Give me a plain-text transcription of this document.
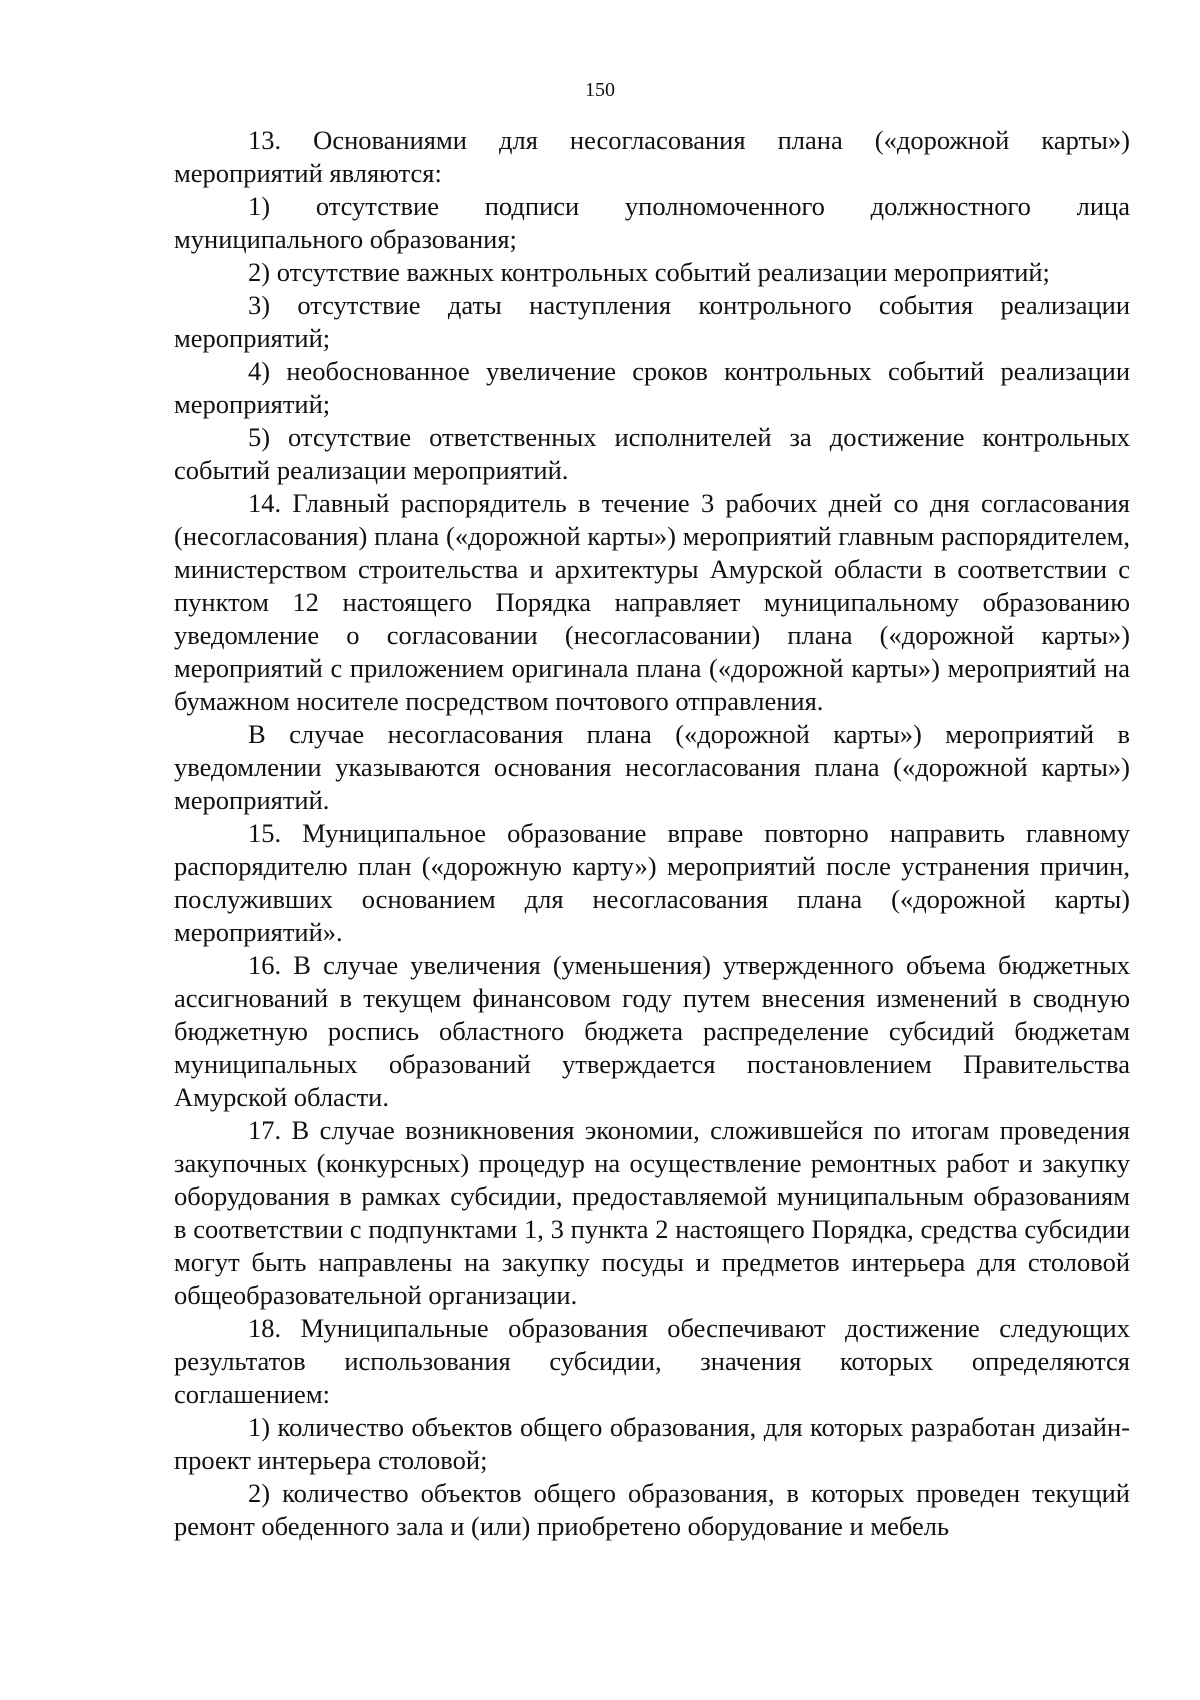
150

13. Основаниями для несогласования плана («дорожной карты») мероприятий являются:

1) отсутствие подписи уполномоченного должностного лица муниципального образования;

2) отсутствие важных контрольных событий реализации мероприятий;

3) отсутствие даты наступления контрольного события реализации мероприятий;

4) необоснованное увеличение сроков контрольных событий реализации мероприятий;

5) отсутствие ответственных исполнителей за достижение контрольных событий реализации мероприятий.

14. Главный распорядитель в течение 3 рабочих дней со дня согласования (несогласования) плана («дорожной карты») мероприятий главным распорядителем, министерством строительства и архитектуры Амурской области в соответствии с пунктом 12 настоящего Порядка направляет муниципальному образованию уведомление о согласовании (несогласовании) плана («дорожной карты») мероприятий с приложением оригинала плана («дорожной карты») мероприятий на бумажном носителе посредством почтового отправления.

В случае несогласования плана («дорожной карты») мероприятий в уведомлении указываются основания несогласования плана («дорожной карты») мероприятий.

15. Муниципальное образование вправе повторно направить главному распорядителю план («дорожную карту») мероприятий после устранения причин, послуживших основанием для несогласования плана («дорожной карты) мероприятий».

16. В случае увеличения (уменьшения) утвержденного объема бюджетных ассигнований в текущем финансовом году путем внесения изменений в сводную бюджетную роспись областного бюджета распределение субсидий бюджетам муниципальных образований утверждается постановлением Правительства Амурской области.

17. В случае возникновения экономии, сложившейся по итогам проведения закупочных (конкурсных) процедур на осуществление ремонтных работ и закупку оборудования в рамках субсидии, предоставляемой муниципальным образованиям в соответствии с подпунктами 1, 3 пункта 2 настоящего Порядка, средства субсидии могут быть направлены на закупку посуды и предметов интерьера для столовой общеобразовательной организации.

18. Муниципальные образования обеспечивают достижение следующих результатов использования субсидии, значения которых определяются соглашением:

1) количество объектов общего образования, для которых разработан дизайн-проект интерьера столовой;

2) количество объектов общего образования, в которых проведен текущий ремонт обеденного зала и (или) приобретено оборудование и мебель
